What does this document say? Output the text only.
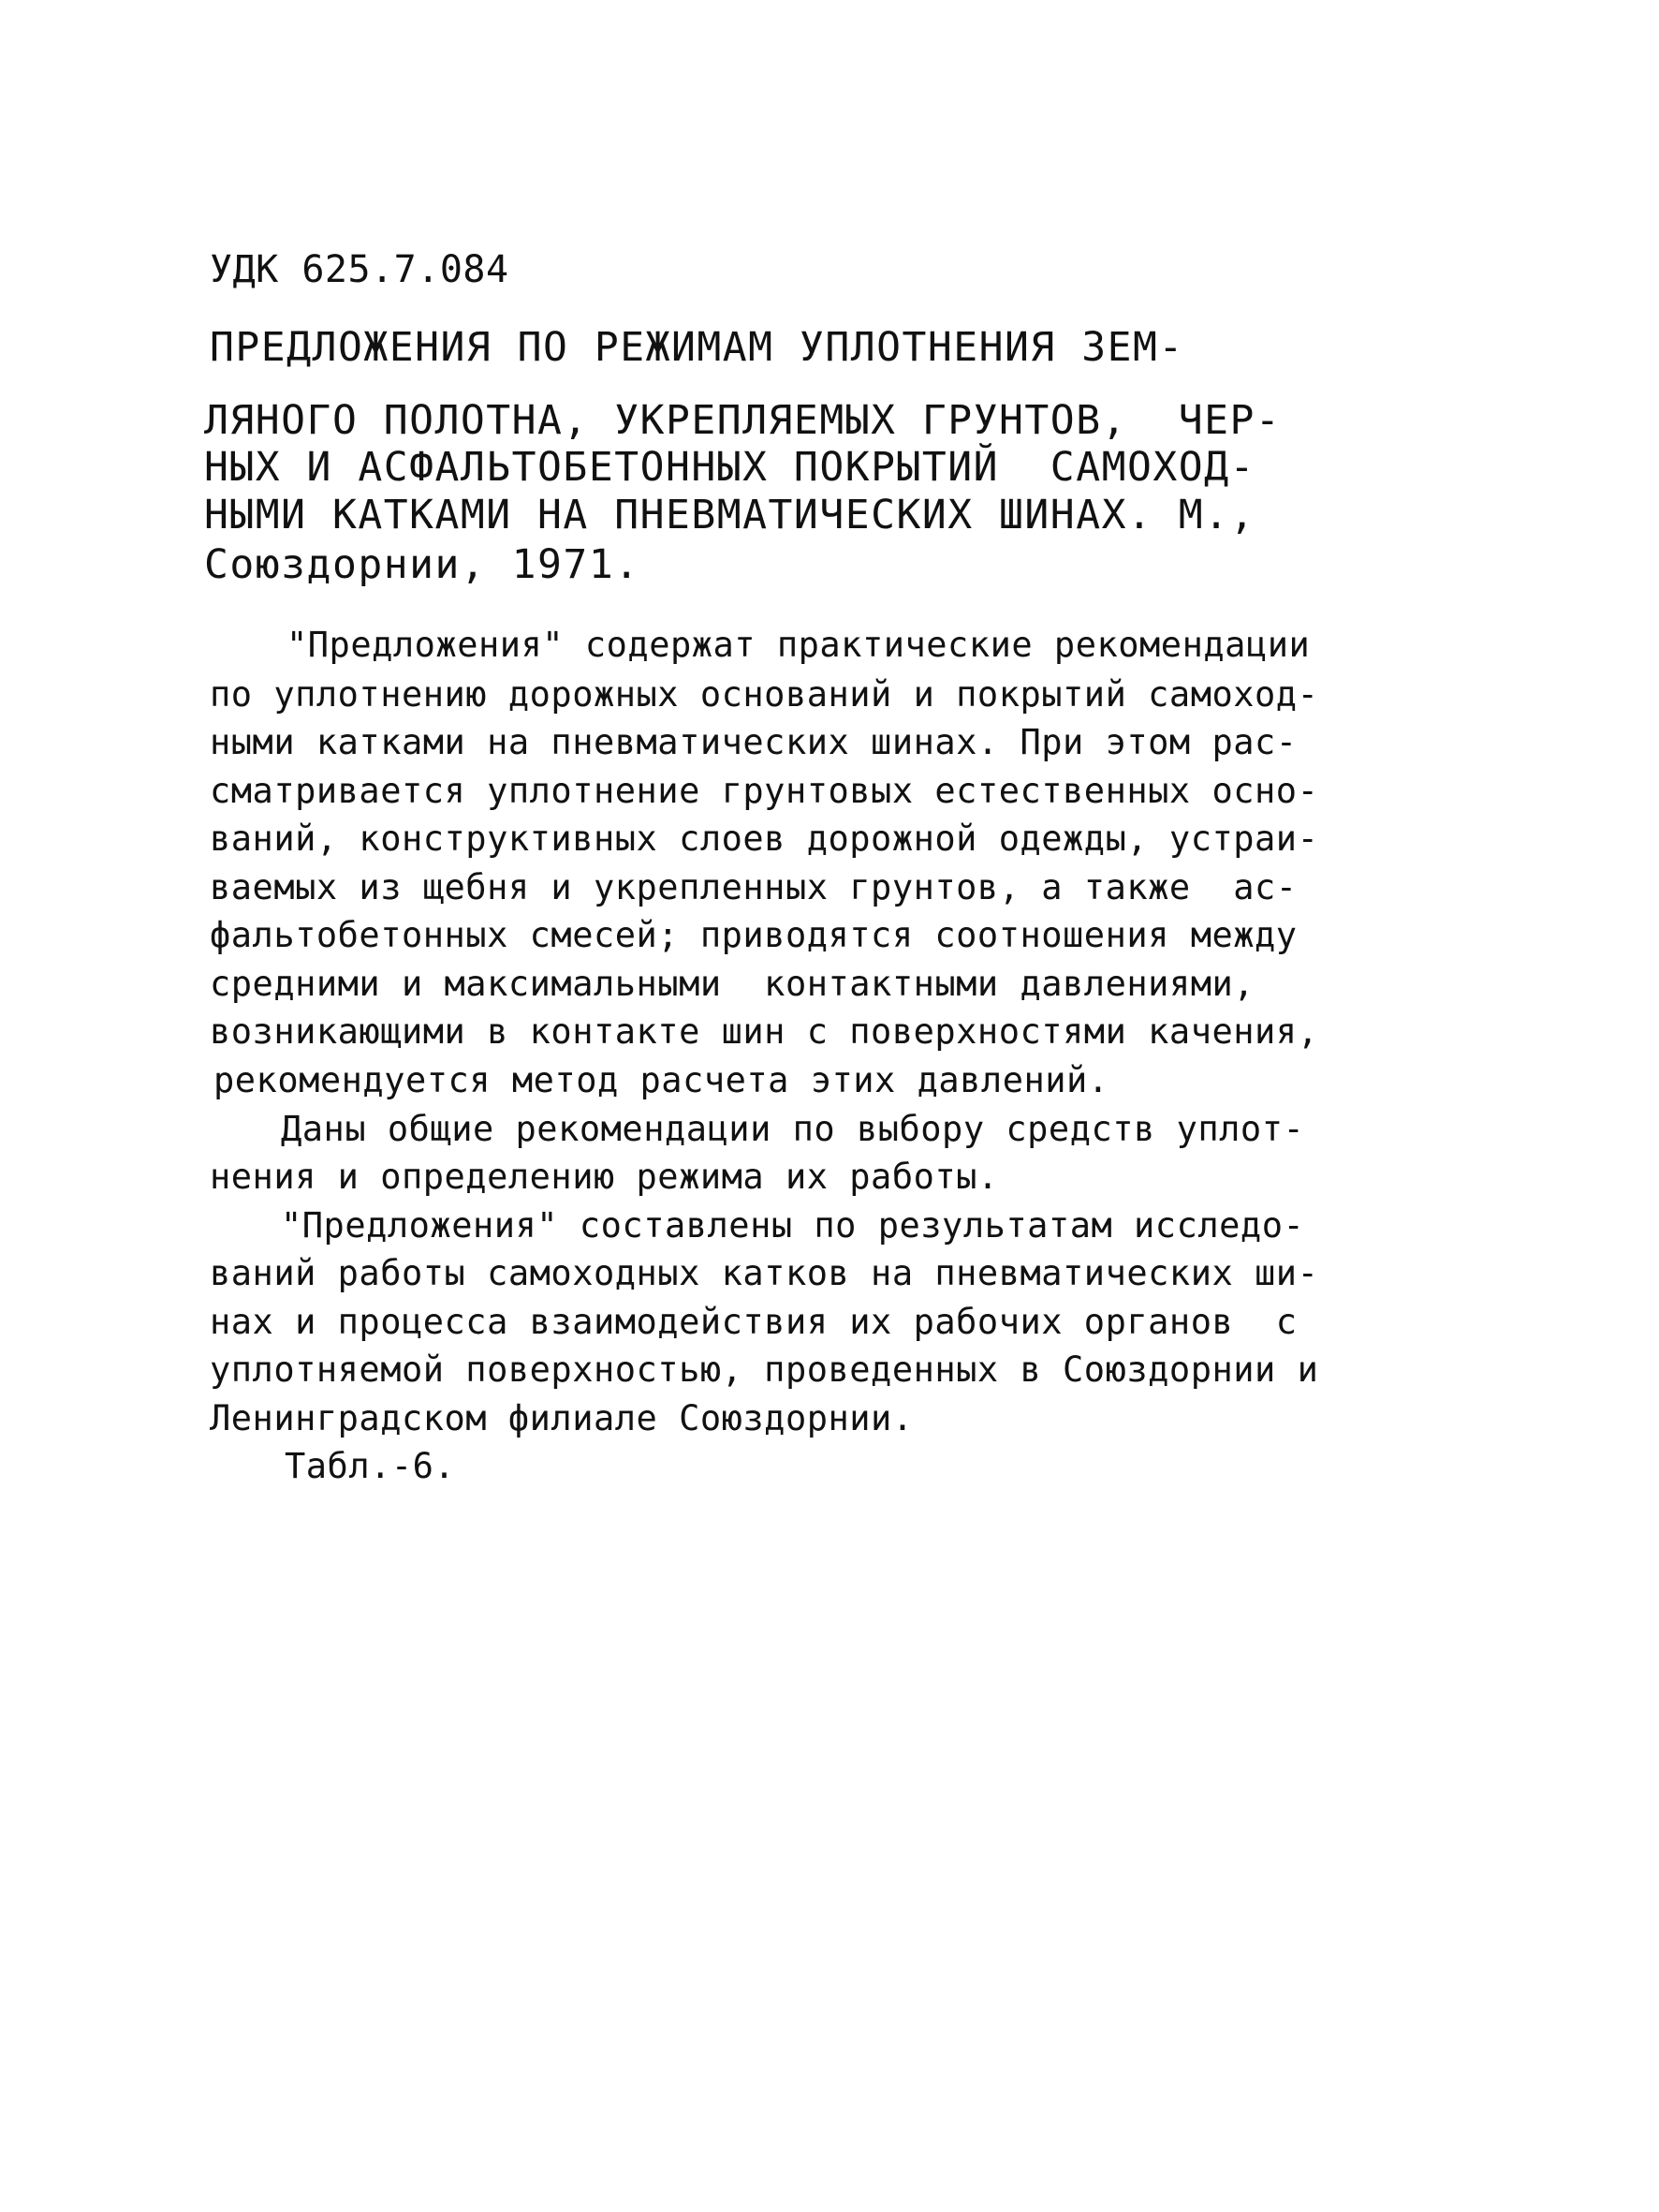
УДК 625.7.084
ПРЕДЛОЖЕНИЯ ПО РЕЖИМАМ УПЛОТНЕНИЯ ЗЕМ-
ЛЯНОГО ПОЛОТНА, УКРЕПЛЯЕМЫХ ГРУНТОВ,  ЧЕР-
НЫХ И АСФАЛЬТОБЕТОННЫХ ПОКРЫТИЙ  САМОХОД-
НЫМИ КАТКАМИ НА ПНЕВМАТИЧЕСКИХ ШИНАХ. М.,
Союздорнии, 1971.
"Предложения" содержат практические рекомендации
по уплотнению дорожных оснований и покрытий самоход-
ными катками на пневматических шинах. При этом рас-
сматривается уплотнение грунтовых естественных осно-
ваний, конструктивных слоев дорожной одежды, устраи-
ваемых из щебня и укрепленных грунтов, а также  ас-
фальтобетонных смесей; приводятся соотношения между
средними и максимальными  контактными давлениями,
возникающими в контакте шин с поверхностями качения,
рекомендуется метод расчета этих давлений.
Даны общие рекомендации по выбору средств уплот-
нения и определению режима их работы.
"Предложения" составлены по результатам исследо-
ваний работы самоходных катков на пневматических ши-
нах и процесса взаимодействия их рабочих органов  с
уплотняемой поверхностью, проведенных в Союздорнии и
Ленинградском филиале Союздорнии.
Табл.-6.
